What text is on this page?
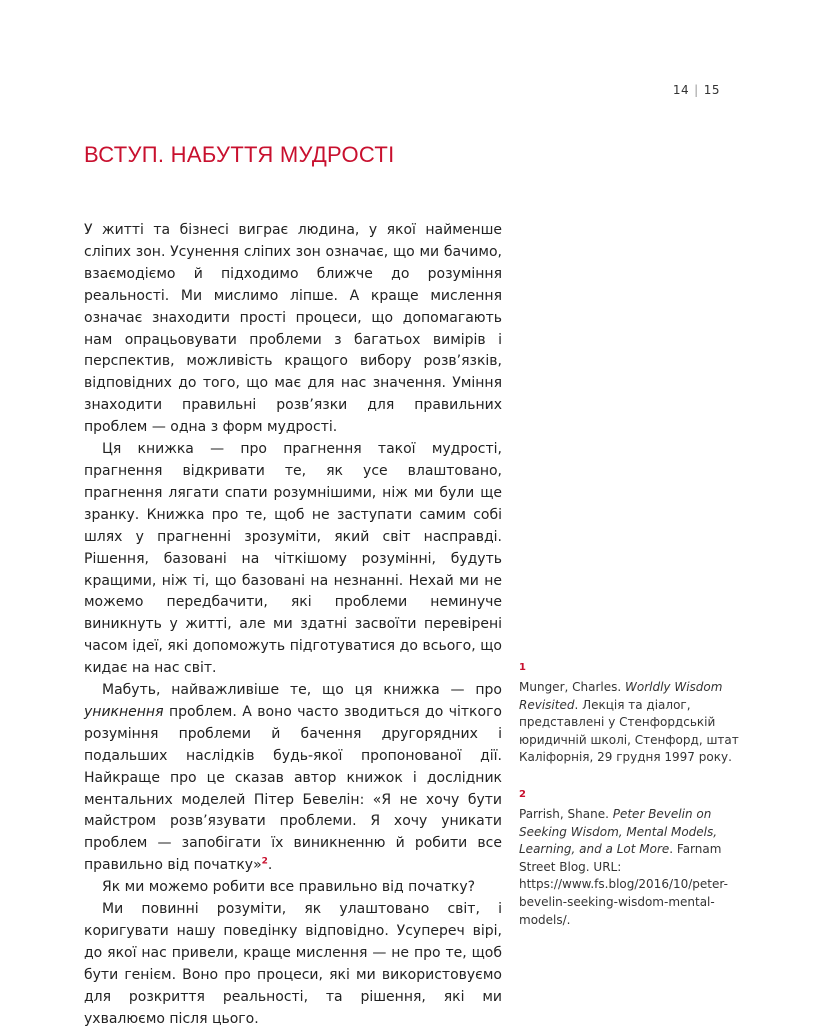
14 | 15
ВСТУП. НАБУТТЯ МУДРОСТІ

У житті та бізнесі виграє людина, у якої найменше сліпих зон. Усунення сліпих зон означає, що ми бачимо, взаємодіємо й підходимо ближче до розуміння реальності. Ми мислимо ліпше. А краще мислення означає знаходити прості процеси, що допомагають нам опрацьовувати проблеми з багатьох вимірів і перспектив, можливість кращого вибору розв’язків, відповідних до того, що має для нас значення. Уміння знаходити правильні розв’язки для правильних проблем — одна з форм мудрості.

Ця книжка — про прагнення такої мудрості, прагнення відкривати те, як усе влаштовано, прагнення лягати спати розумнішими, ніж ми були ще зранку. Книжка про те, щоб не заступати самим собі шлях у прагненні зрозуміти, який світ насправді. Рішення, базовані на чіткішому розумінні, будуть кращими, ніж ті, що базовані на незнанні. Нехай ми не можемо передбачити, які проблеми неминуче виникнуть у житті, але ми здатні засвоїти перевірені часом ідеї, які допоможуть підготуватися до всього, що кидає на нас світ.

Мабуть, найважливіше те, що ця книжка — про уникнення проблем. А воно часто зводиться до чіткого розуміння проблеми й бачення другорядних і подальших наслідків будь-якої пропонованої дії. Найкраще про це сказав автор книжок і дослідник ментальних моделей Пітер Бевелін: «Я не хочу бути майстром розв’язувати проблеми. Я хочу уникати проблем — запобігати їх виникненню й робити все правильно від початку»$^2$.

Як ми можемо робити все правильно від початку?

Ми повинні розуміти, як улаштовано світ, і коригувати нашу поведінку відповідно. Усупереч вірі, до якої нас привели, краще мислення — не про те, щоб бути генієм. Воно про процеси, які ми використовуємо для розкриття реальності, та рішення, які ми ухвалюємо після цього.

1
Munger, Charles. Worldly Wisdom Revisited. Лекція та діалог, представлені у Стенфордській юридичній школі, Стенфорд, штат Каліфорнія, 29 грудня 1997 року.
2
Parrish, Shane. Peter Bevelin on Seeking Wisdom, Mental Models, Learning, and a Lot More. Farnam Street Blog. URL: https://www.fs.blog/2016/10/peter-bevelin-seeking-wisdom-mental-models/.
